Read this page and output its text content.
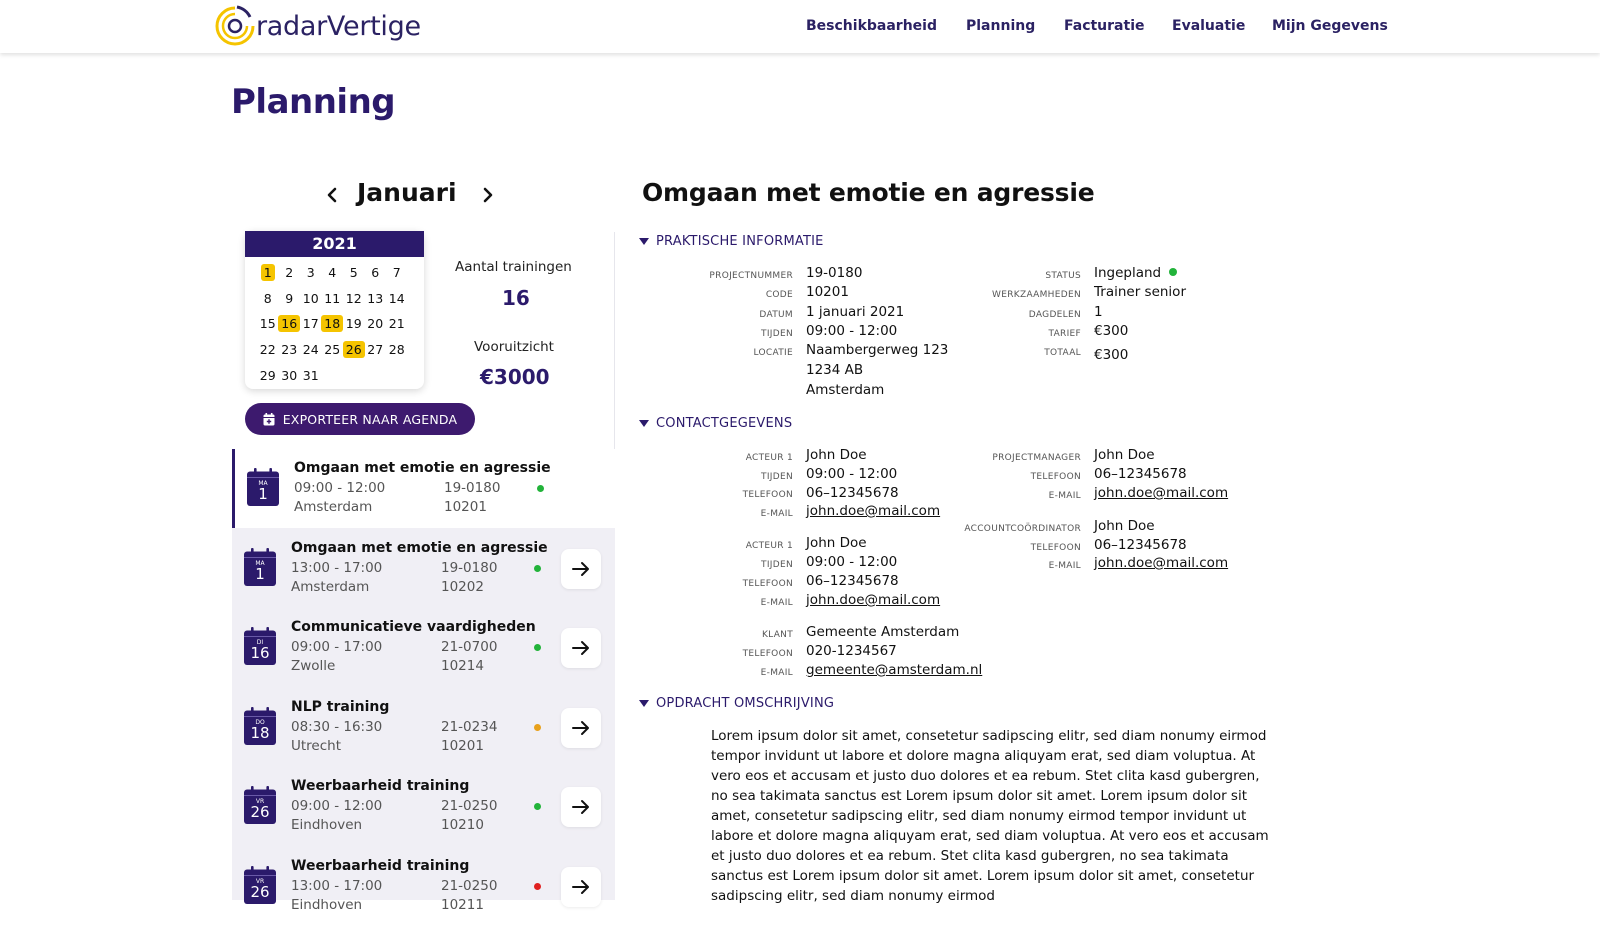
radarVertige	Beschikbaarheid Planning Facturatie Evaluatie Mijn Gegevens
Planning
Januari
2021
1 2 3 4 5 6 7
8 9 10 11 12 13 14
15 16 17 18 19 20 21
22 23 24 25 26 27 28
29 30 31
Aantal trainingen
16
Vooruitzicht
€3000
EXPORTEER NAAR AGENDA
MA
1
Omgaan met emotie en agressie
09:00 - 12:00
Amsterdam
19-0180
10201
MA
1
Omgaan met emotie en agressie
13:00 - 17:00
Amsterdam
19-0180
10202
DI
16
Communicatieve vaardigheden
09:00 - 17:00
Zwolle
21-0700
10214
DO
18
NLP training
08:30 - 16:30
Utrecht
21-0234
10201
VR
26
Weerbaarheid training
09:00 - 12:00
Eindhoven
21-0250
10210
VR
26
Weerbaarheid training
13:00 - 17:00
Eindhoven
21-0250
10211
Omgaan met emotie en agressie
PRAKTISCHE INFORMATIE
PROJECTNUMMER 19-0180
CODE 10201
DATUM 1 januari 2021
TIJDEN 09:00 - 12:00
LOCATIE Naambergerweg 123
1234 AB
Amsterdam
STATUS Ingepland
WERKZAAMHEDEN Trainer senior
DAGDELEN 1
TARIEF €300
TOTAAL €300
CONTACTGEGEVENS
ACTEUR 1 John Doe
TIJDEN 09:00 - 12:00
TELEFOON 06–12345678
E-MAIL john.doe@mail.com
ACTEUR 1 John Doe
TIJDEN 09:00 - 12:00
TELEFOON 06–12345678
E-MAIL john.doe@mail.com
KLANT Gemeente Amsterdam
TELEFOON 020-1234567
E-MAIL gemeente@amsterdam.nl
PROJECTMANAGER John Doe
TELEFOON 06–12345678
E-MAIL john.doe@mail.com
ACCOUNTCOÖRDINATOR John Doe
TELEFOON 06–12345678
E-MAIL john.doe@mail.com
OPDRACHT OMSCHRIJVING
Lorem ipsum dolor sit amet, consetetur sadipscing elitr, sed diam nonumy eirmod tempor invidunt ut labore et dolore magna aliquyam erat, sed diam voluptua. At vero eos et accusam et justo duo dolores et ea rebum. Stet clita kasd gubergren, no sea takimata sanctus est Lorem ipsum dolor sit amet. Lorem ipsum dolor sit amet, consetetur sadipscing elitr, sed diam nonumy eirmod tempor invidunt ut labore et dolore magna aliquyam erat, sed diam voluptua. At vero eos et accusam et justo duo dolores et ea rebum. Stet clita kasd gubergren, no sea takimata sanctus est Lorem ipsum dolor sit amet. Lorem ipsum dolor sit amet, consetetur sadipscing elitr, sed diam nonumy eirmod
